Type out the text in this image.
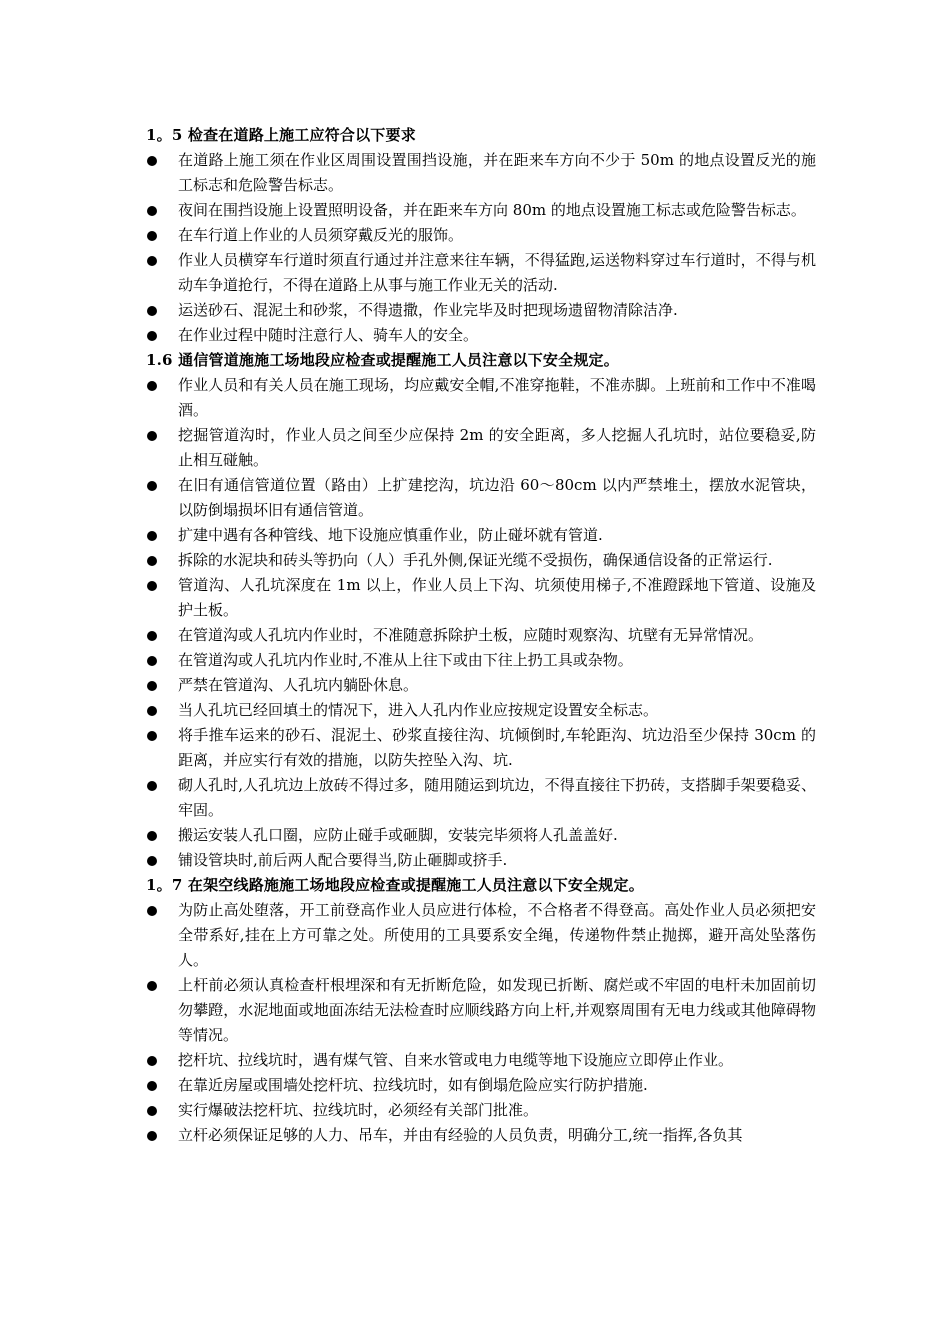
1。5 检查在道路上施工应符合以下要求
在道路上施工须在作业区周围设置围挡设施，并在距来车方向不少于 50m 的地点设置反光的施工标志和危险警告标志。
夜间在围挡设施上设置照明设备，并在距来车方向 80m 的地点设置施工标志或危险警告标志。
在车行道上作业的人员须穿戴反光的服饰。
作业人员横穿车行道时须直行通过并注意来往车辆，不得猛跑,运送物料穿过车行道时，不得与机动车争道抢行，不得在道路上从事与施工作业无关的活动.
运送砂石、混泥土和砂浆，不得遗撒，作业完毕及时把现场遗留物清除洁净.
在作业过程中随时注意行人、骑车人的安全。
1.6 通信管道施施工场地段应检查或提醒施工人员注意以下安全规定。
作业人员和有关人员在施工现场，均应戴安全帽,不准穿拖鞋，不准赤脚。上班前和工作中不准喝酒。
挖掘管道沟时，作业人员之间至少应保持 2m 的安全距离，多人挖掘人孔坑时，站位要稳妥,防止相互碰触。
在旧有通信管道位置（路由）上扩建挖沟，坑边沿 60～80cm 以内严禁堆土，摆放水泥管块，以防倒塌损坏旧有通信管道。
扩建中遇有各种管线、地下设施应慎重作业，防止碰坏就有管道.
拆除的水泥块和砖头等扔向（人）手孔外侧,保证光缆不受损伤，确保通信设备的正常运行.
管道沟、人孔坑深度在 1m 以上，作业人员上下沟、坑须使用梯子,不准蹬踩地下管道、设施及护土板。
在管道沟或人孔坑内作业时，不准随意拆除护土板，应随时观察沟、坑壁有无异常情况。
在管道沟或人孔坑内作业时,不准从上往下或由下往上扔工具或杂物。
严禁在管道沟、人孔坑内躺卧休息。
当人孔坑已经回填土的情况下，进入人孔内作业应按规定设置安全标志。
将手推车运来的砂石、混泥土、砂浆直接往沟、坑倾倒时,车轮距沟、坑边沿至少保持 30cm 的距离，并应实行有效的措施，以防失控坠入沟、坑.
砌人孔时,人孔坑边上放砖不得过多，随用随运到坑边，不得直接往下扔砖，支搭脚手架要稳妥、牢固。
搬运安装人孔口圈，应防止碰手或砸脚，安装完毕须将人孔盖盖好.
铺设管块时,前后两人配合要得当,防止砸脚或挤手.
1。7 在架空线路施施工场地段应检查或提醒施工人员注意以下安全规定。
为防止高处堕落，开工前登高作业人员应进行体检，不合格者不得登高。高处作业人员必须把安全带系好,挂在上方可靠之处。所使用的工具要系安全绳，传递物件禁止抛掷，避开高处坠落伤人。
上杆前必须认真检查杆根埋深和有无折断危险，如发现已折断、腐烂或不牢固的电杆未加固前切勿攀蹬，水泥地面或地面冻结无法检查时应顺线路方向上杆,并观察周围有无电力线或其他障碍物等情况。
挖杆坑、拉线坑时，遇有煤气管、自来水管或电力电缆等地下设施应立即停止作业。
在靠近房屋或围墙处挖杆坑、拉线坑时，如有倒塌危险应实行防护措施.
实行爆破法挖杆坑、拉线坑时，必须经有关部门批准。
立杆必须保证足够的人力、吊车，并由有经验的人员负责，明确分工,统一指挥,各负其
